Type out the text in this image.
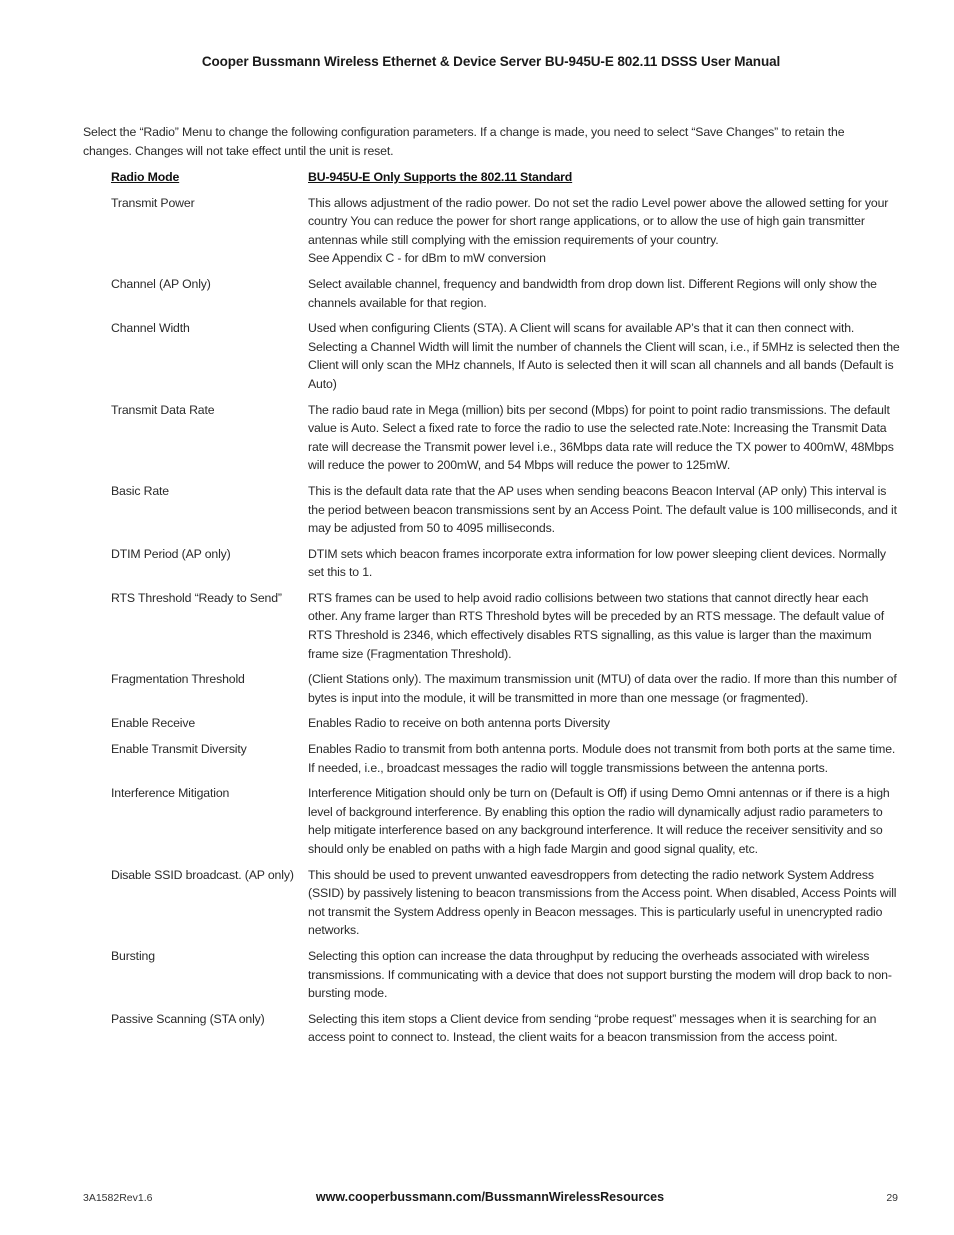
Cooper Bussmann Wireless Ethernet & Device Server BU-945U-E 802.11 DSSS User Manual
Select the “Radio” Menu to change the following configuration parameters. If a change is made, you need to select “Save Changes” to retain the changes. Changes will not take effect until the unit is reset.
Radio Mode	BU-945U-E Only Supports the 802.11 Standard
Transmit Power	This allows adjustment of the radio power. Do not set the radio Level power above the allowed setting for your country You can reduce the power for short range applications, or to allow the use of high gain transmitter antennas while still complying with the emission requirements of your country.

See Appendix C - for dBm to mW conversion

Channel (AP Only)	Select available channel, frequency and bandwidth from drop down list. Different Regions will only show the channels available for that region.

Channel Width	Used when configuring Clients (STA). A Client will scans for available AP’s that it can then connect with. Selecting a Channel Width will limit the number of channels the Client will scan, i.e., if 5MHz is selected then the Client will only scan the MHz channels, If Auto is selected then it will scan all channels and all bands (Default is Auto)

Transmit Data Rate	The radio baud rate in Mega (million) bits per second (Mbps) for point to point radio transmissions. The default value is Auto. Select a fixed rate to force the radio to use the selected rate.Note: Increasing the Transmit Data rate will decrease the Transmit power level i.e., 36Mbps data rate will reduce the TX power to 400mW, 48Mbps will reduce the power to 200mW, and 54 Mbps will reduce the power to 125mW.

Basic Rate	This is the default data rate that the AP uses when sending beacons Beacon Interval (AP only) This interval is the period between beacon transmissions sent by an Access Point. The default value is 100 milliseconds, and it may be adjusted from 50 to 4095 milliseconds.

DTIM Period (AP only)	DTIM sets which beacon frames incorporate extra information for low power sleeping client devices. Normally set this to 1.

RTS Threshold “Ready to Send”	RTS frames can be used to help avoid radio collisions between two stations that cannot directly hear each other. Any frame larger than RTS Threshold bytes will be preceded by an RTS message. The default value of RTS Threshold is 2346, which effectively disables RTS signalling, as this value is larger than the maximum frame size (Fragmentation Threshold).

Fragmentation Threshold	(Client Stations only). The maximum transmission unit (MTU) of data over the radio. If more than this number of bytes is input into the module, it will be transmitted in more than one message (or fragmented).

Enable Receive	Enables Radio to receive on both antenna ports Diversity

Enable Transmit Diversity	Enables Radio to transmit from both antenna ports. Module does not transmit from both ports at the same time. If needed, i.e., broadcast messages the radio will toggle transmissions between the antenna ports.

Interference Mitigation	Interference Mitigation should only be turn on (Default is Off) if using Demo Omni antennas or if there is a high level of background interference. By enabling this option the radio will dynamically adjust radio parameters to help mitigate interference based on any background interference. It will reduce the receiver sensitivity and so should only be enabled on paths with a high fade Margin and good signal quality, etc.

Disable SSID broadcast. (AP only)	This should be used to prevent unwanted eavesdroppers from detecting the radio network System Address (SSID) by passively listening to beacon transmissions from the Access point. When disabled, Access Points will not transmit the System Address openly in Beacon messages. This is particularly useful in unencrypted radio networks.

Bursting	Selecting this option can increase the data throughput by reducing the overheads associated with wireless transmissions. If communicating with a device that does not support bursting the modem will drop back to non-bursting mode.

Passive Scanning (STA only)	Selecting this item stops a Client device from sending “probe request” messages when it is searching for an access point to connect to. Instead, the client waits for a beacon transmission from the access point.

3A1582Rev1.6	www.cooperbussmann.com/BussmannWirelessResources	29
